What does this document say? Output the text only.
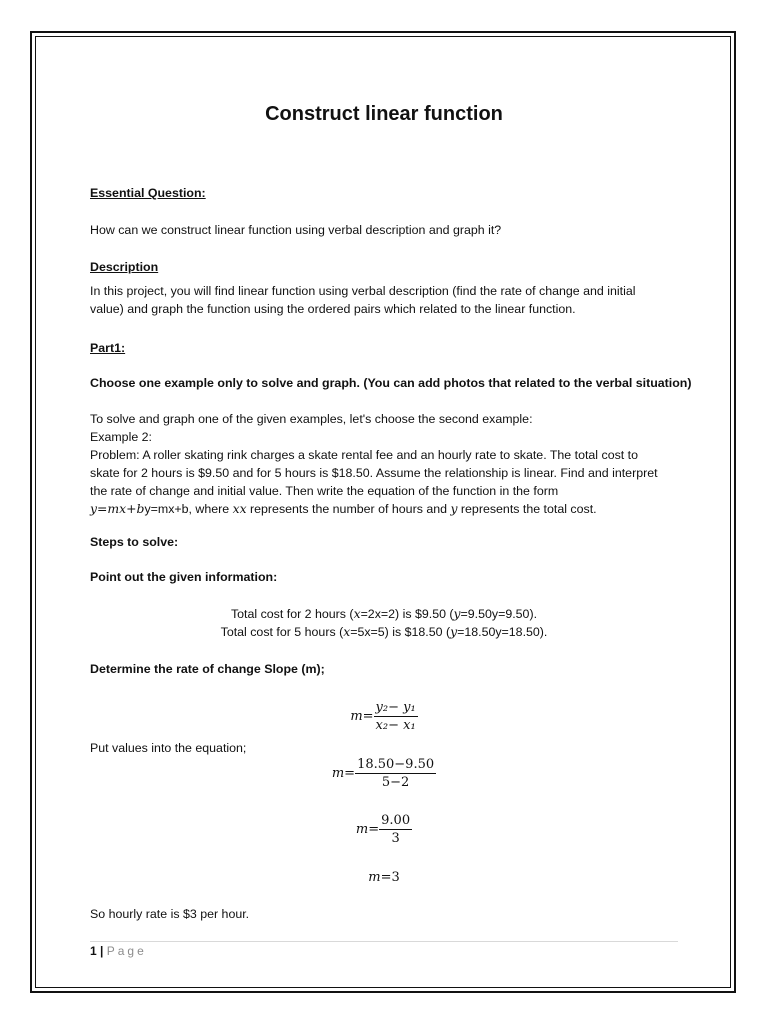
Construct linear function
Essential Question:
How can we construct linear function using verbal description and graph it?
Description
In this project, you will find linear function using verbal description (find the rate of change and initial
value) and graph the function using the ordered pairs which related to the linear function.
Part1:
Choose one example only to solve and graph. (You can add photos that related to the verbal situation)
To solve and graph one of the given examples, let's choose the second example:
Example 2:
Problem: A roller skating rink charges a skate rental fee and an hourly rate to skate. The total cost to
skate for 2 hours is $9.50 and for 5 hours is $18.50. Assume the relationship is linear. Find and interpret
the rate of change and initial value. Then write the equation of the function in the form
y=mx+by=mx+b, where xx represents the number of hours and y represents the total cost.
Steps to solve:
Point out the given information:
Total cost for 2 hours (x=2x=2) is $9.50 (y=9.50y=9.50).
Total cost for 5 hours (x=5x=5) is $18.50 (y=18.50y=18.50).
Determine the rate of change Slope (m);
$m= \frac{\text{y₂− y₁}}{\text{x₂− x₁}}$
Put values into the equation;
$m= \frac{18.50-9.50}{5-2}$
$m= \frac{9.00}{3}$
m=3
So hourly rate is $3 per hour.
1 | Page
